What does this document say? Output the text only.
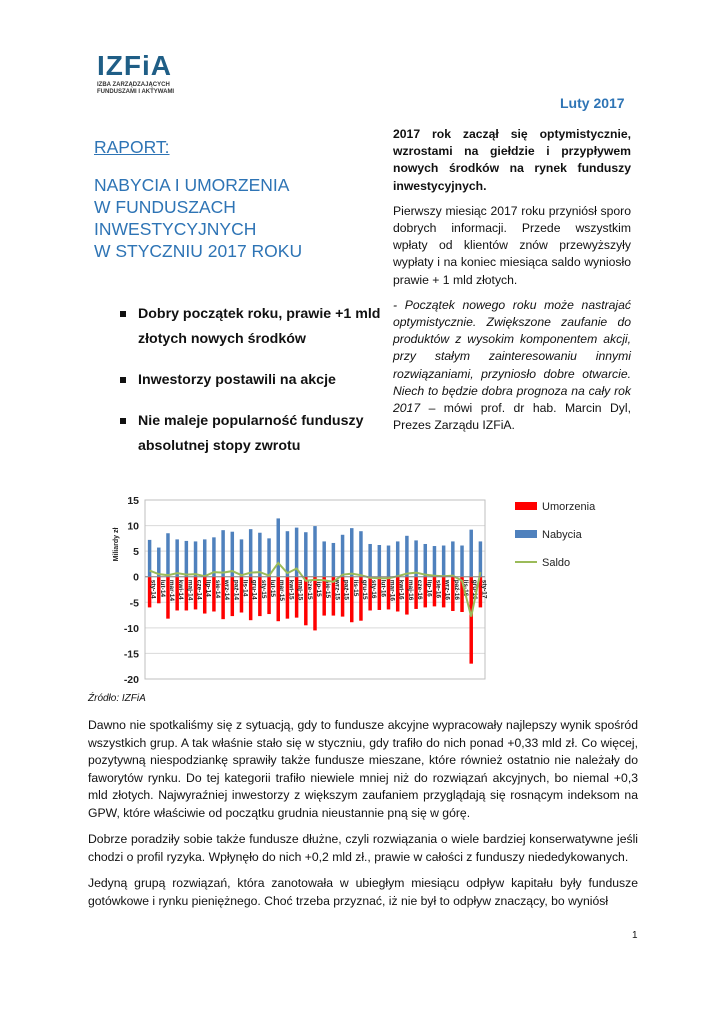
IZFiA
IZBA ZARZĄDZAJĄCYCH
FUNDUSZAMI I AKTYWAMI
Luty 2017
RAPORT:
NABYCIA I UMORZENIA
W FUNDUSZACH INWESTYCYJNYCH
W STYCZNIU 2017 ROKU
Dobry początek roku, prawie +1 mld złotych nowych środków
Inwestorzy postawili na akcje
Nie maleje popularność funduszy absolutnej stopy zwrotu

2017 rok zaczął się optymistycznie, wzrostami na giełdzie i przypływem nowych środków na rynek funduszy inwestycyjnych.

Pierwszy miesiąc 2017 roku przyniósł sporo dobrych informacji. Przede wszystkim wpłaty od klientów znów przewyższyły wypłaty i na koniec miesiąca saldo wyniosło prawie + 1 mld złotych.

- Początek nowego roku może nastrajać optymistycznie. Zwiększone zaufanie do produktów z wysokim komponentem akcji, przy stałym zainteresowaniu innymi rozwiązaniami, przyniosło dobre otwarcie. Niech to będzie dobra prognoza na cały rok 2017 – mówi prof. dr hab. Marcin Dyl, Prezes Zarządu IZFiA.

15
10
5
0
-5
-10
-15
-20
Miliardy zł
sty-14 lut-14 mar-14 kwi-14 maj-14 cze-14 lip-14 sie-14 wrz-14 paź-14 lis-14 gru-14 sty-15 lut-15 mar-15 kwi-15 maj-15 cze-15 lip-15 sie-15 wrz-15 paź-15 lis-15 gru-15 sty-16 lut-16 mar-16 kwi-16 maj-16 cze-16 lip-16 sie-16 wrz-16 paź-16 lis-16 gru-16 sty-17
Umorzenia
Nabycia
Saldo
Źródło: IZFiA

Dawno nie spotkaliśmy się z sytuacją, gdy to fundusze akcyjne wypracowały najlepszy wynik spośród wszystkich grup. A tak właśnie stało się w styczniu, gdy trafiło do nich ponad +0,33 mld zł. Co więcej, pozytywną niespodziankę sprawiły także fundusze mieszane, które również ostatnio nie należały do faworytów rynku. Do tej kategorii trafiło niewiele mniej niż do rozwiązań akcyjnych, bo niemal +0,3 mld złotych. Najwyraźniej inwestorzy z większym zaufaniem przyglądają się rosnącym indeksom na GPW, które właściwie od początku grudnia nieustannie pną się w górę.

Dobrze poradziły sobie także fundusze dłużne, czyli rozwiązania o wiele bardziej konserwatywne jeśli chodzi o profil ryzyka. Wpłynęło do nich +0,2 mld zł., prawie w całości z funduszy niededykowanych.

Jedyną grupą rozwiązań, która zanotowała w ubiegłym miesiącu odpływ kapitału były fundusze gotówkowe i rynku pieniężnego. Choć trzeba przyznać, iż nie był to odpływ znaczący, bo wyniósł

1
